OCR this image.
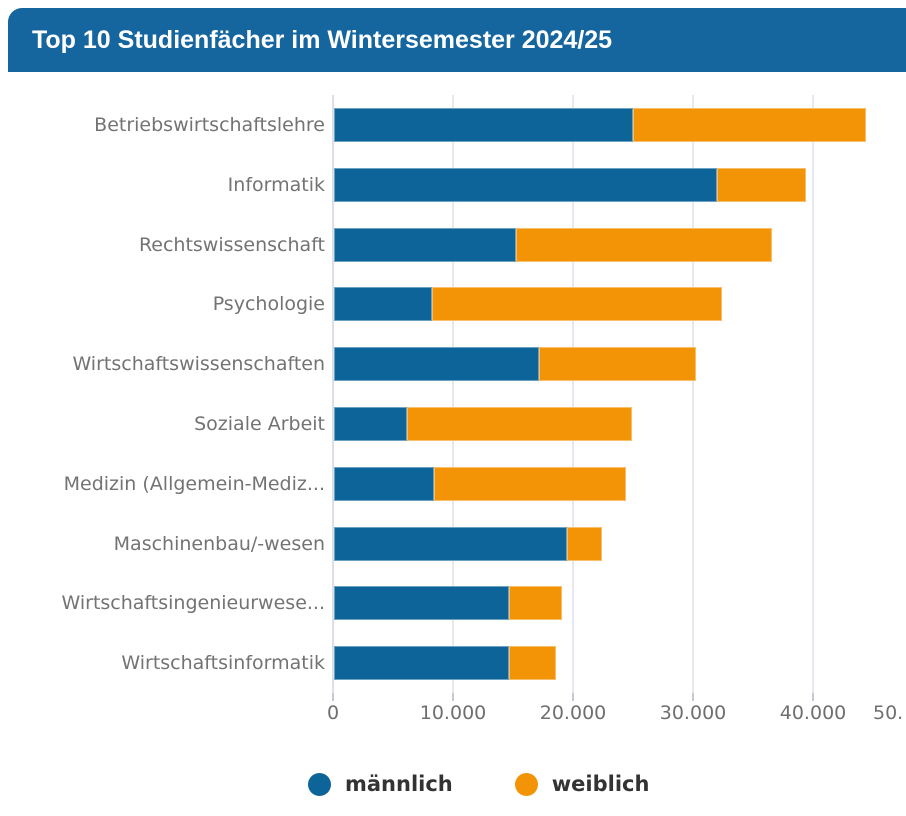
Top 10 Studienfächer im Wintersemester 2024/25
0	10.000	20.000	30.000	40.000 50.
Betriebswirtschaftslehre
Informatik
Rechtswissenschaft
Psychologie
Wirtschaftswissenschaften
Soziale Arbeit
Medizin (Allgemein-Mediz...
Maschinenbau/-wesen
Wirtschaftsingenieurwese...
Wirtschaftsinformatik
männlich	weiblich
